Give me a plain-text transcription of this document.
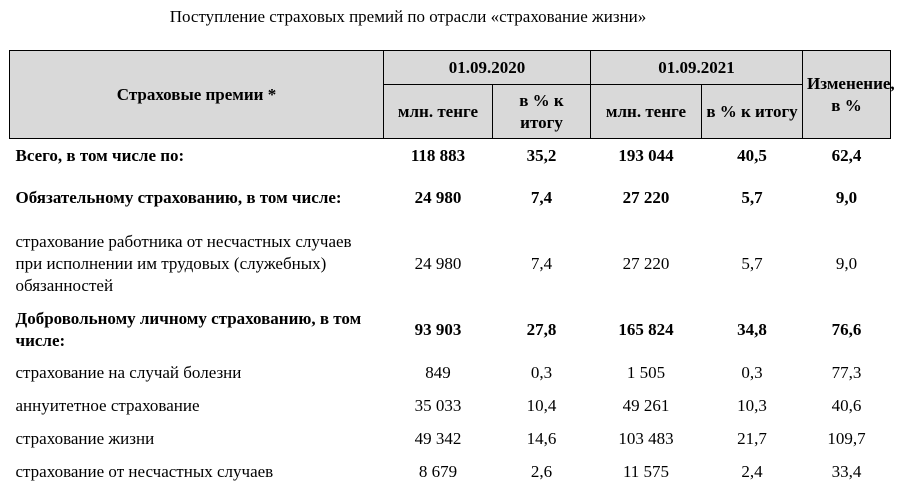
Поступление страховых премий по отрасли «страхование жизни»
Страховые премии *	01.09.2020		01.09.2021		Изменение, в %
	млн. тенге	в % к итогу	млн. тенге	в % к итогу	
Всего, в том числе по:	118 883	35,2	193 044	40,5	62,4
Обязательному страхованию, в том числе:	24 980	7,4	27 220	5,7	9,0
страхование работника от несчастных случаев при исполнении им трудовых (служебных) обязанностей	24 980	7,4	27 220	5,7	9,0
Добровольному личному страхованию, в том числе:	93 903	27,8	165 824	34,8	76,6
страхование на случай болезни	849	0,3	1 505	0,3	77,3
аннуитетное страхование	35 033	10,4	49 261	10,3	40,6
страхование жизни	49 342	14,6	103 483	21,7	109,7
страхование от несчастных случаев	8 679	2,6	11 575	2,4	33,4
